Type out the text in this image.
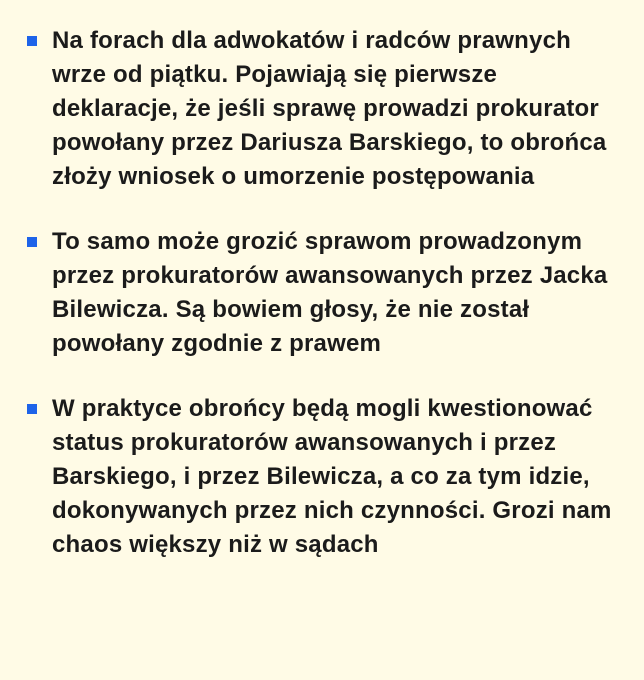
Na forach dla adwokatów i radców prawnych wrze od piątku. Pojawiają się pierwsze deklaracje, że jeśli sprawę prowadzi prokurator powołany przez Dariusza Barskiego, to obrońca złoży wniosek o umorzenie postępowania

To samo może grozić sprawom prowadzonym przez prokuratorów awansowanych przez Jacka Bilewicza. Są bowiem głosy, że nie został powołany zgodnie z prawem

W praktyce obrońcy będą mogli kwestionować status prokuratorów awansowanych i przez Barskiego, i przez Bilewicza, a co za tym idzie, dokonywanych przez nich czynności. Grozi nam chaos większy niż w sądach
